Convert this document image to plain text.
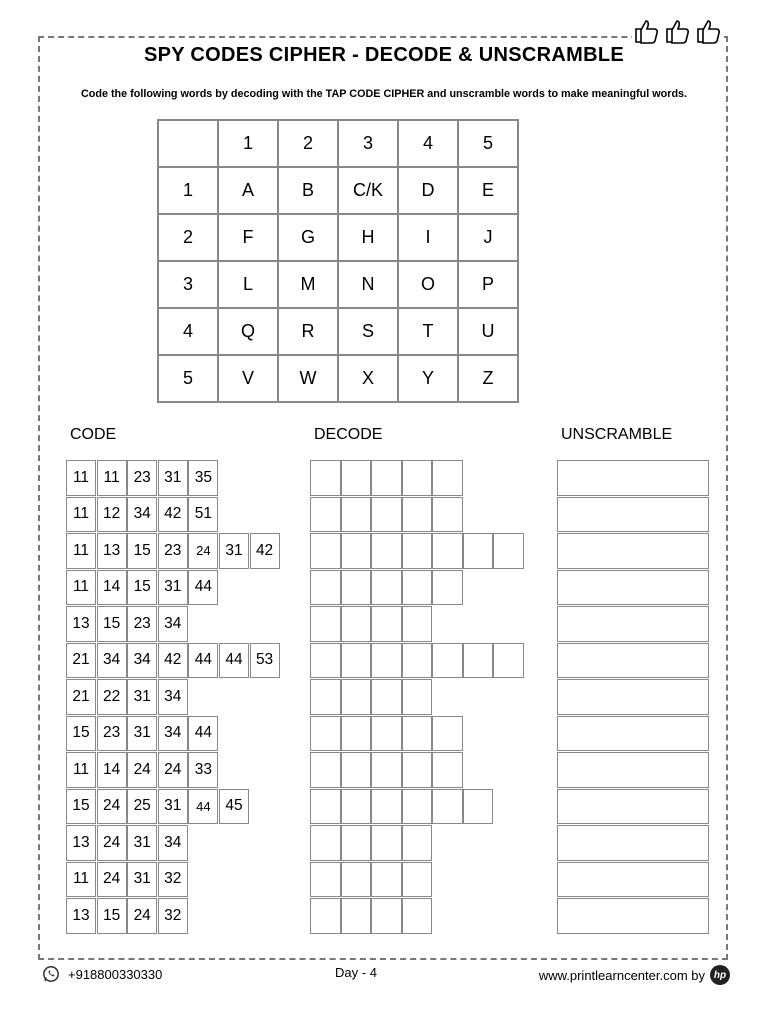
SPY CODES CIPHER - DECODE & UNSCRAMBLE
Code the following words by decoding with the TAP CODE CIPHER and unscramble words to make meaningful words.
	1	2	3	4	5
1	A	B	C/K	D	E
2	F	G	H	I	J
3	L	M	N	O	P
4	Q	R	S	T	U
5	V	W	X	Y	Z
CODE	DECODE	UNSCRAMBLE
11 11 23 31 35
11 12 34 42 51
11 13 15 23	24 31 42
11 14 15 31 44
13 15 23 34
21 34 34 42 44 44 53
21 22 31 34
15 23 31 34 44
11 14 24 24 33
15 24 25 31	44 45
13 24 31 34
11 24 31 32
13 15 24 32
+918800330330	Day - 4	www.printlearncenter.com by hp
